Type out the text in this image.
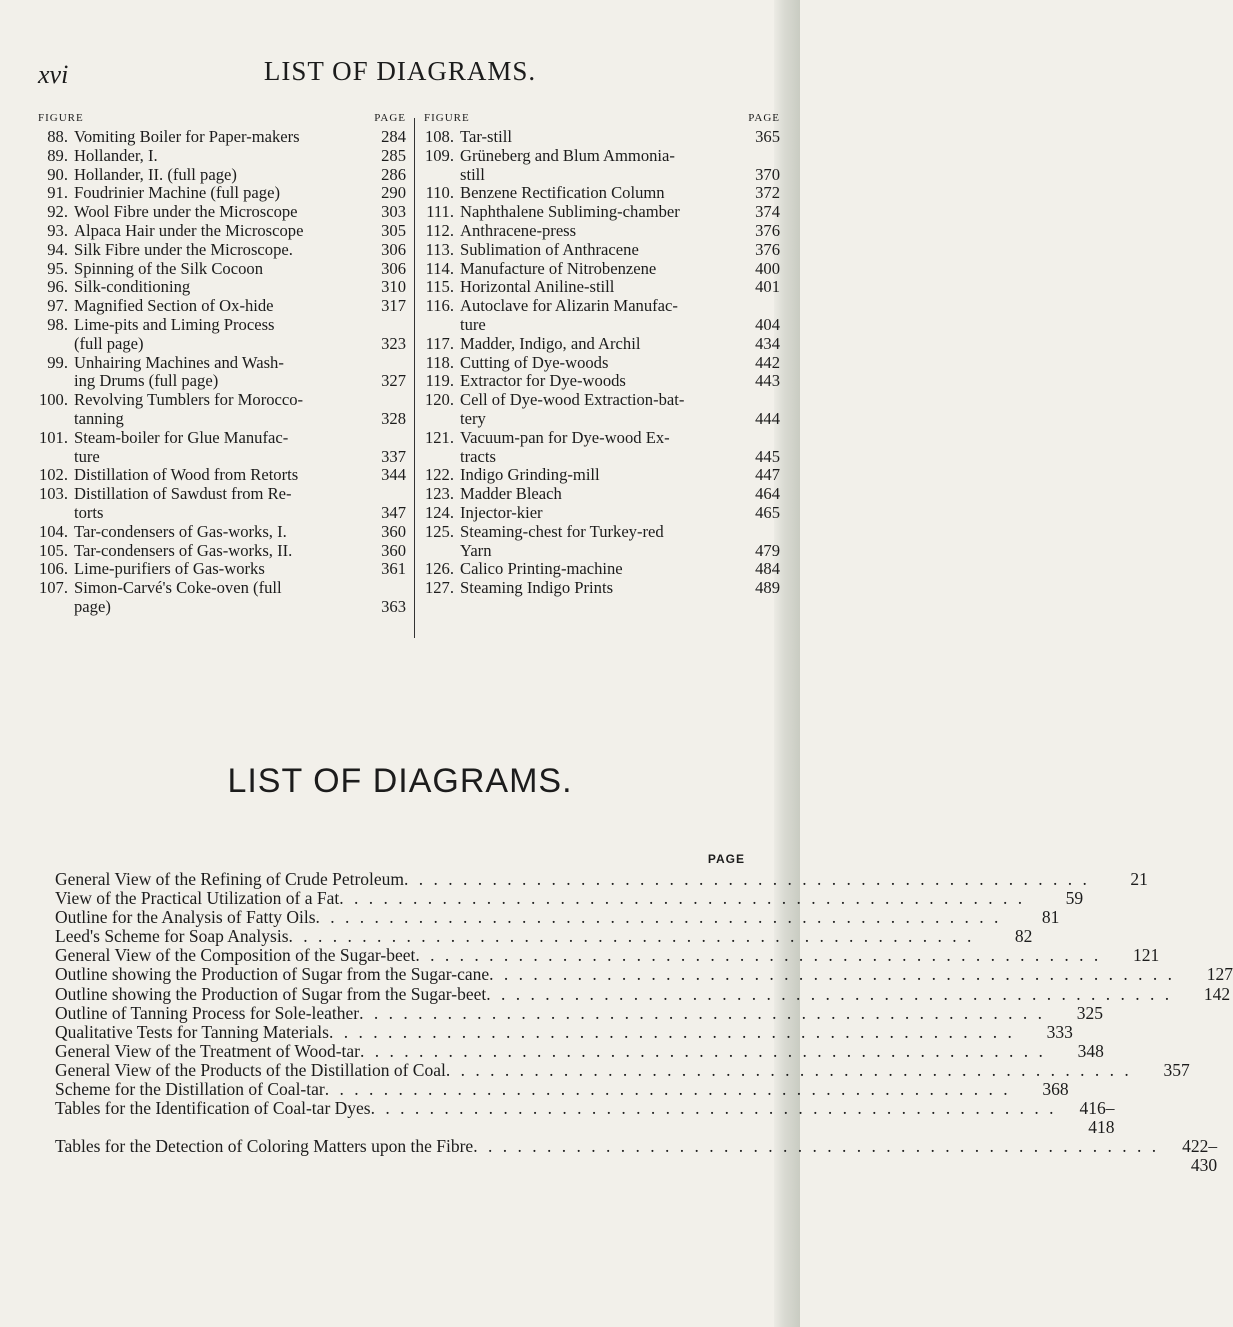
xvi	LIST OF DIAGRAMS.
FIGURE	PAGE
88. Vomiting Boiler for Paper-makers	284
89. Hollander, I.	285
90. Hollander, II. (full page)	286
91. Foudrinier Machine (full page)	290
92. Wool Fibre under the Microscope	303
93. Alpaca Hair under the Microscope	305
94. Silk Fibre under the Microscope.	306
95. Spinning of the Silk Cocoon	306
96. Silk-conditioning	310
97. Magnified Section of Ox-hide	317
98. Lime-pits and Liming Process
(full page)	323
99. Unhairing Machines and Wash-
ing Drums (full page)	327
100. Revolving Tumblers for Morocco-
tanning	328
101. Steam-boiler for Glue Manufac-
ture	337
102. Distillation of Wood from Retorts	344
103. Distillation of Sawdust from Re-
torts	347
104. Tar-condensers of Gas-works, I.	360
105. Tar-condensers of Gas-works, II.	360
106. Lime-purifiers of Gas-works	361
107. Simon-Carvé's Coke-oven (full
page)	363
FIGURE	PAGE
108. Tar-still	365
109. Grüneberg and Blum Ammonia-
still	370
110. Benzene Rectification Column	372
111. Naphthalene Subliming-chamber	374
112. Anthracene-press	376
113. Sublimation of Anthracene	376
114. Manufacture of Nitrobenzene	400
115. Horizontal Aniline-still	401
116. Autoclave for Alizarin Manufac-
ture	404
117. Madder, Indigo, and Archil	434
118. Cutting of Dye-woods	442
119. Extractor for Dye-woods	443
120. Cell of Dye-wood Extraction-bat-
tery	444
121. Vacuum-pan for Dye-wood Ex-
tracts	445
122. Indigo Grinding-mill	447
123. Madder Bleach	464
124. Injector-kier	465
125. Steaming-chest for Turkey-red
Yarn	479
126. Calico Printing-machine	484
127. Steaming Indigo Prints	489
LIST OF DIAGRAMS.
PAGE
General View of the Refining of Crude Petroleum . . . . . . . . . . . . . . . . . . . . . . . . . . . . . . . . . . . . . . . . . . . . . . .	21
View of the Practical Utilization of a Fat . . . . . . . . . . . . . . . . . . . . . . . . . . . . . . . . . . . . . . . . . . . . . . .	59
Outline for the Analysis of Fatty Oils . . . . . . . . . . . . . . . . . . . . . . . . . . . . . . . . . . . . . . . . . . . . . . .	81
Leed's Scheme for Soap Analysis . . . . . . . . . . . . . . . . . . . . . . . . . . . . . . . . . . . . . . . . . . . . . . .	82
General View of the Composition of the Sugar-beet . . . . . . . . . . . . . . . . . . . . . . . . . . . . . . . . . . . . . . . . . . . . . . .	121
Outline showing the Production of Sugar from the Sugar-cane . . . . . . . . . . . . . . . . . . . . . . . . . . . . . . . . . . . . . . . . . . . . . . .	127
Outline showing the Production of Sugar from the Sugar-beet . . . . . . . . . . . . . . . . . . . . . . . . . . . . . . . . . . . . . . . . . . . . . . .	142
Outline of Tanning Process for Sole-leather . . . . . . . . . . . . . . . . . . . . . . . . . . . . . . . . . . . . . . . . . . . . . . .	325
Qualitative Tests for Tanning Materials . . . . . . . . . . . . . . . . . . . . . . . . . . . . . . . . . . . . . . . . . . . . . . .	333
General View of the Treatment of Wood-tar . . . . . . . . . . . . . . . . . . . . . . . . . . . . . . . . . . . . . . . . . . . . . . .	348
General View of the Products of the Distillation of Coal . . . . . . . . . . . . . . . . . . . . . . . . . . . . . . . . . . . . . . . . . . . . . . .	357
Scheme for the Distillation of Coal-tar . . . . . . . . . . . . . . . . . . . . . . . . . . . . . . . . . . . . . . . . . . . . . . .	368
Tables for the Identification of Coal-tar Dyes . . . . . . . . . . . . . . . . . . . . . . . . . . . . . . . . . . . . . . . . . . . . . . .	416–418
Tables for the Detection of Coloring Matters upon the Fibre . . . . . . . . . . . . . . . . . . . . . . . . . . . . . . . . . . . . . . . . . . . . . . .	422–430
